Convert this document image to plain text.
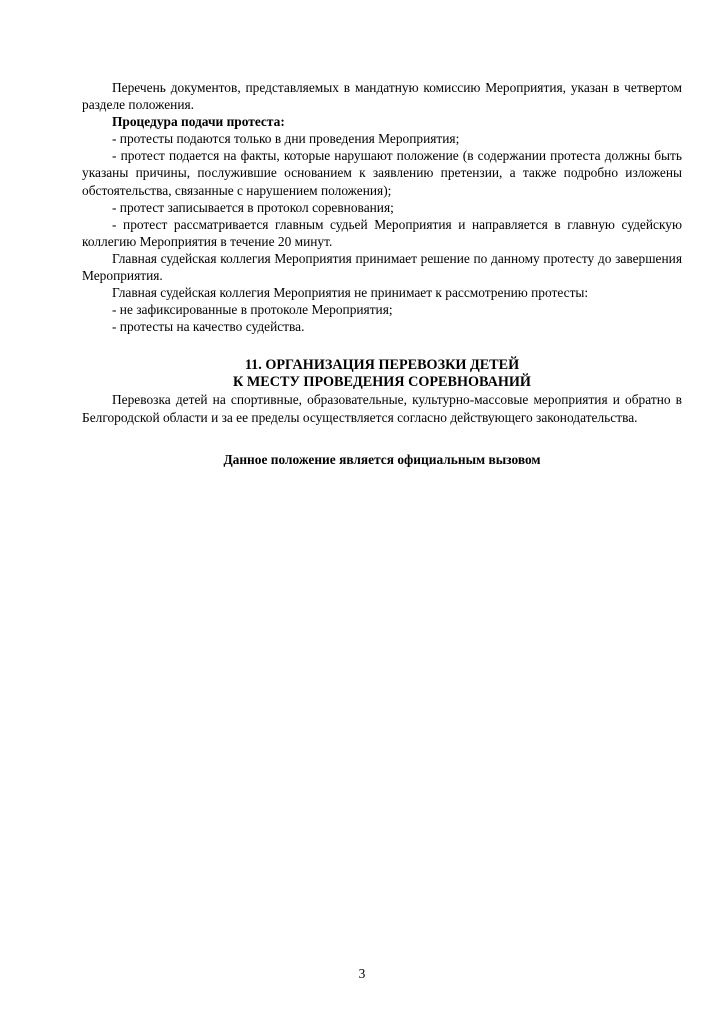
Перечень документов, представляемых в мандатную комиссию Мероприятия, указан в четвертом разделе положения.

Процедура подачи протеста:

- протесты подаются только в дни проведения Мероприятия;

- протест подается на факты, которые нарушают положение (в содержании протеста должны быть указаны причины, послужившие основанием к заявлению претензии, а также подробно изложены обстоятельства, связанные с нарушением положения);

- протест записывается в протокол соревнования;

- протест рассматривается главным судьей Мероприятия и направляется в главную судейскую коллегию Мероприятия в течение 20 минут.

Главная судейская коллегия Мероприятия принимает решение по данному протесту до завершения Мероприятия.

Главная судейская коллегия Мероприятия не принимает к рассмотрению протесты:

- не зафиксированные в протоколе Мероприятия;

- протесты на качество судейства.

11. ОРГАНИЗАЦИЯ ПЕРЕВОЗКИ ДЕТЕЙ
К МЕСТУ ПРОВЕДЕНИЯ СОРЕВНОВАНИЙ

Перевозка детей на спортивные, образовательные, культурно-массовые мероприятия и обратно в Белгородской области и за ее пределы осуществляется согласно действующего законодательства.

Данное положение является официальным вызовом

3
